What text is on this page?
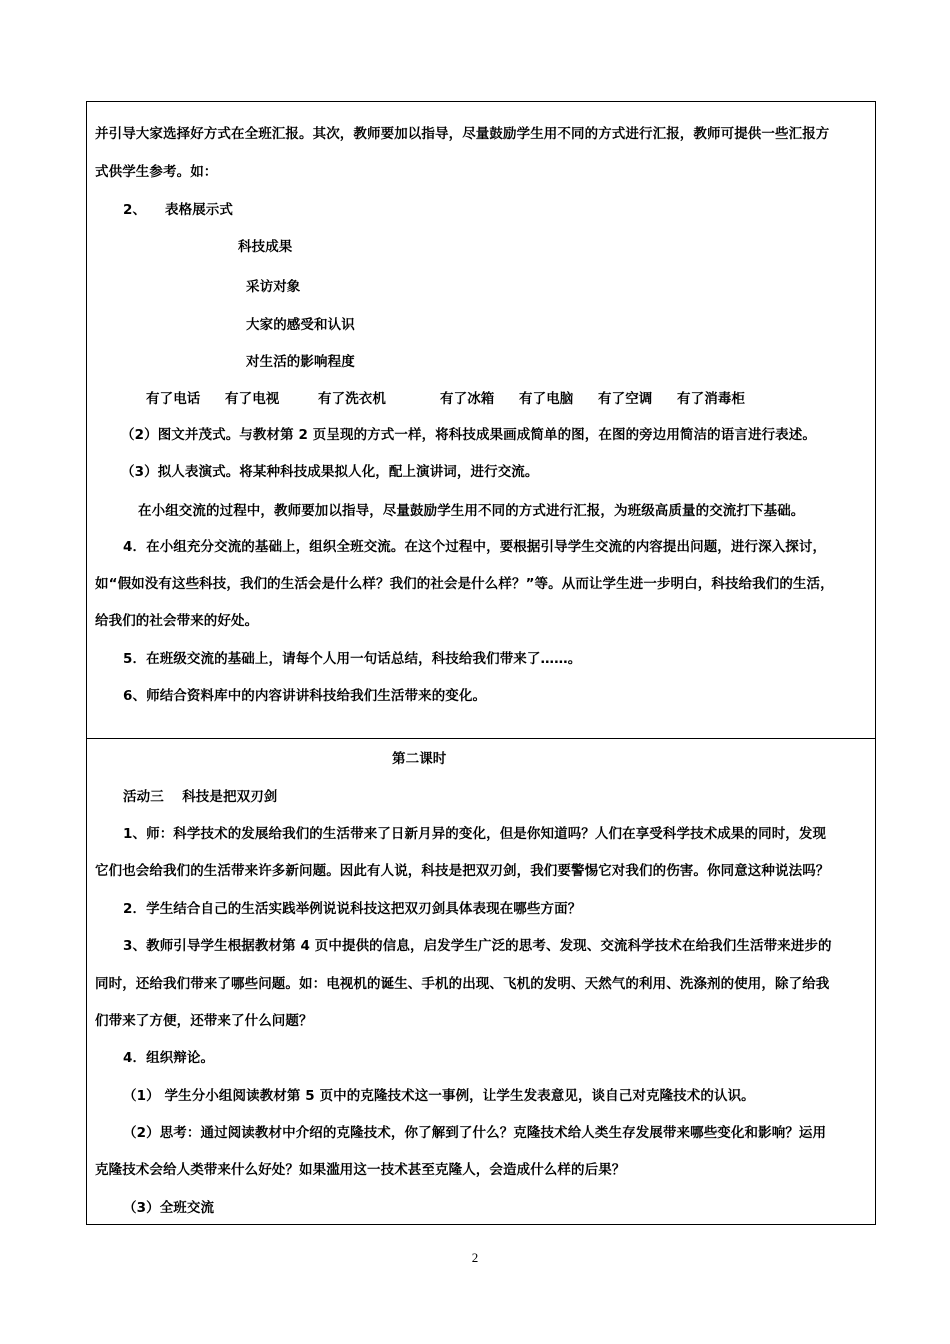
并引导大家选择好方式在全班汇报。其次，教师要加以指导，尽量鼓励学生用不同的方式进行汇报，教师可提供一些汇报方
式供学生参考。如：
2、 表格展示式
科技成果
采访对象
大家的感受和认识
对生活的影响程度
有了电话 有了电视	有了洗衣机	有了冰箱 有了电脑 有了空调 有了消毒柜
（2）图文并茂式。与教材第 2 页呈现的方式一样，将科技成果画成简单的图，在图的旁边用简洁的语言进行表述。
（3）拟人表演式。将某种科技成果拟人化，配上演讲词，进行交流。
在小组交流的过程中，教师要加以指导，尽量鼓励学生用不同的方式进行汇报，为班级高质量的交流打下基础。
4．在小组充分交流的基础上，组织全班交流。在这个过程中，要根据引导学生交流的内容提出问题，进行深入探讨，
如“假如没有这些科技，我们的生活会是什么样？我们的社会是什么样？”等。从而让学生进一步明白，科技给我们的生活，
给我们的社会带来的好处。
5．在班级交流的基础上，请每个人用一句话总结，科技给我们带来了……。
6、师结合资料库中的内容讲讲科技给我们生活带来的变化。
第二课时
活动三　 科技是把双刃剑
1、师：科学技术的发展给我们的生活带来了日新月异的变化，但是你知道吗？人们在享受科学技术成果的同时，发现
它们也会给我们的生活带来许多新问题。因此有人说，科技是把双刃剑，我们要警惕它对我们的伤害。你同意这种说法吗？
2．学生结合自己的生活实践举例说说科技这把双刃剑具体表现在哪些方面？
3、教师引导学生根据教材第 4 页中提供的信息，启发学生广泛的思考、发现、交流科学技术在给我们生活带来进步的
同时，还给我们带来了哪些问题。如：电视机的诞生、手机的出现、飞机的发明、天然气的利用、洗涤剂的使用，除了给我
们带来了方便，还带来了什么问题？
4．组织辩论。
（1） 学生分小组阅读教材第 5 页中的克隆技术这一事例，让学生发表意见，谈自己对克隆技术的认识。
（2）思考：通过阅读教材中介绍的克隆技术，你了解到了什么？克隆技术给人类生存发展带来哪些变化和影响？运用
克隆技术会给人类带来什么好处？如果滥用这一技术甚至克隆人，会造成什么样的后果？
（3）全班交流
2
